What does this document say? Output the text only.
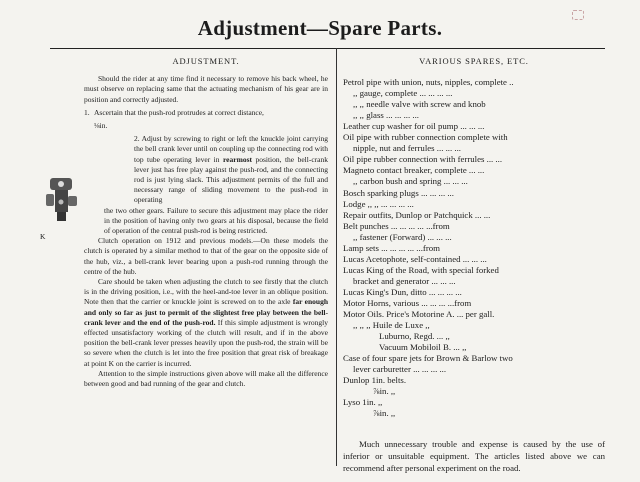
Adjustment—Spare Parts.
ADJUSTMENT.

Should the rider at any time find it necessary to remove his back wheel, he must observe on replacing same that the actuating mechanism of his gear are in position and correctly adjusted.

1. Ascertain that the push-rod protrudes at correct distance,
⅛in.
K
2. Adjust by screwing to right or left the knuckle joint carrying the bell crank lever until on coupling up the connecting rod with top tube operating lever in rearmost position, the bell-crank lever just has free play against the push-rod, and the connecting rod is just lying slack. This adjustment permits of the full and necessary range of sliding movement to the push-rod in operating
the two other gears. Failure to secure this adjustment may place the rider in the position of having only two gears at his disposal, because the field of operation of the central push-rod is being restricted.

Clutch operation on 1912 and previous models.—On these models the clutch is operated by a similar method to that of the gear on the opposite side of the hub, viz., a bell-crank lever bearing upon a push-rod running through the centre of the hub.

Care should be taken when adjusting the clutch to see firstly that the clutch is in the driving position, i.e., with the heel-and-toe lever in an oblique position. Note then that the carrier or knuckle joint is screwed on to the axle far enough and only so far as just to permit of the slightest free play between the bell-crank lever and the end of the push-rod. If this simple adjustment is wrongly effected unsatisfactory working of the clutch will result, and if in the above position the bell-crank lever presses heavily upon the push-rod, the strain will be so severe when the clutch is let into the free position that great risk of breakage at point K on the carrier is incurred.

Attention to the simple instructions given above will make all the difference between good and bad running of the gear and clutch.

VARIOUS SPARES, ETC.
Petrol pipe with union, nuts, nipples, complete ..
,, gauge, complete ... ... ... ...
,, ,, needle valve with screw and knob
,, ,, glass ... ... ... ...
Leather cup washer for oil pump ... ... ...
Oil pipe with rubber connection complete with
nipple, nut and ferrules ... ... ...
Oil pipe rubber connection with ferrules ... ...
Magneto contact breaker, complete ... ...
,, carbon bush and spring ... ... ...
Bosch sparking plugs ... ... ... ...
Lodge ,, ,, ... ... ... ...
Repair outfits, Dunlop or Patchquick ... ...
Belt punches ... ... ... ... ...from
,, fastener (Forward) ... ... ...
Lamp sets ... ... ... ... ...from
Lucas Acetophote, self-contained ... ... ...
Lucas King of the Road, with special forked
bracket and generator ... ... ...
Lucas King's Dun, ditto ... ... ... ...
Motor Horns, various ... ... ... ...from
Motor Oils. Price's Motorine A. ... per gall.
,, ,, ,, Huile de Luxe ,,
Luburno, Regd. ... ,,
Vacuum Mobiloil B. ... ,,
Case of four spare jets for Brown & Barlow two
lever carburetter ... ... ... ...
Dunlop 1in. belts.
⅞in. ,,
Lyso 1in. ,,
⅞in. ,,

Much unnecessary trouble and expense is caused by the use of inferior or unsuitable equipment. The articles listed above we can recommend after personal experiment on the road.
